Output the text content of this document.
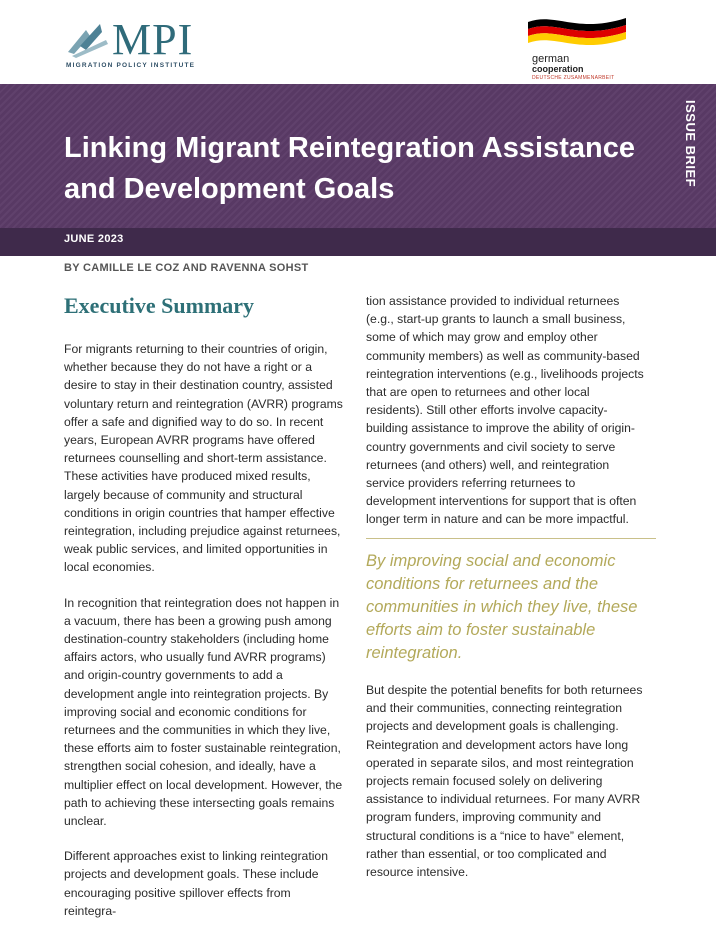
MPI
MIGRATION POLICY INSTITUTE
german
cooperation
DEUTSCHE ZUSAMMENARBEIT
Linking Migrant Reintegration Assistance and Development Goals
ISSUE BRIEF
JUNE 2023
BY CAMILLE LE COZ AND RAVENNA SOHST
Executive Summary

For migrants returning to their countries of origin, whether because they do not have a right or a desire to stay in their destination country, assisted voluntary return and reintegration (AVRR) programs offer a safe and dignified way to do so. In recent years, European AVRR programs have offered returnees counselling and short-term assistance. These activities have produced mixed results, largely because of community and structural conditions in origin countries that hamper effective reintegration, including prejudice against returnees, weak public services, and limited opportunities in local economies.

In recognition that reintegration does not happen in a vacuum, there has been a growing push among destination-country stakeholders (including home affairs actors, who usually fund AVRR programs) and origin-country governments to add a development angle into reintegration projects. By improving social and economic conditions for returnees and the communities in which they live, these efforts aim to foster sustainable reintegration, strengthen social cohesion, and ideally, have a multiplier effect on local development. However, the path to achieving these intersecting goals remains unclear.

Different approaches exist to linking reintegration projects and development goals. These include encouraging positive spillover effects from reintegra-

tion assistance provided to individual returnees (e.g., start-up grants to launch a small business, some of which may grow and employ other community members) as well as community-based reintegration interventions (e.g., livelihoods projects that are open to returnees and other local residents). Still other efforts involve capacity-building assistance to improve the ability of origin-country governments and civil society to serve returnees (and others) well, and reintegration service providers referring returnees to development interventions for support that is often longer term in nature and can be more impactful.

By improving social and economic conditions for returnees and the communities in which they live, these efforts aim to foster sustainable reintegration.

But despite the potential benefits for both returnees and their communities, connecting reintegration projects and development goals is challenging. Reintegration and development actors have long operated in separate silos, and most reintegration projects remain focused solely on delivering assistance to individual returnees. For many AVRR program funders, improving community and structural conditions is a “nice to have” element, rather than essential, or too complicated and resource intensive.
